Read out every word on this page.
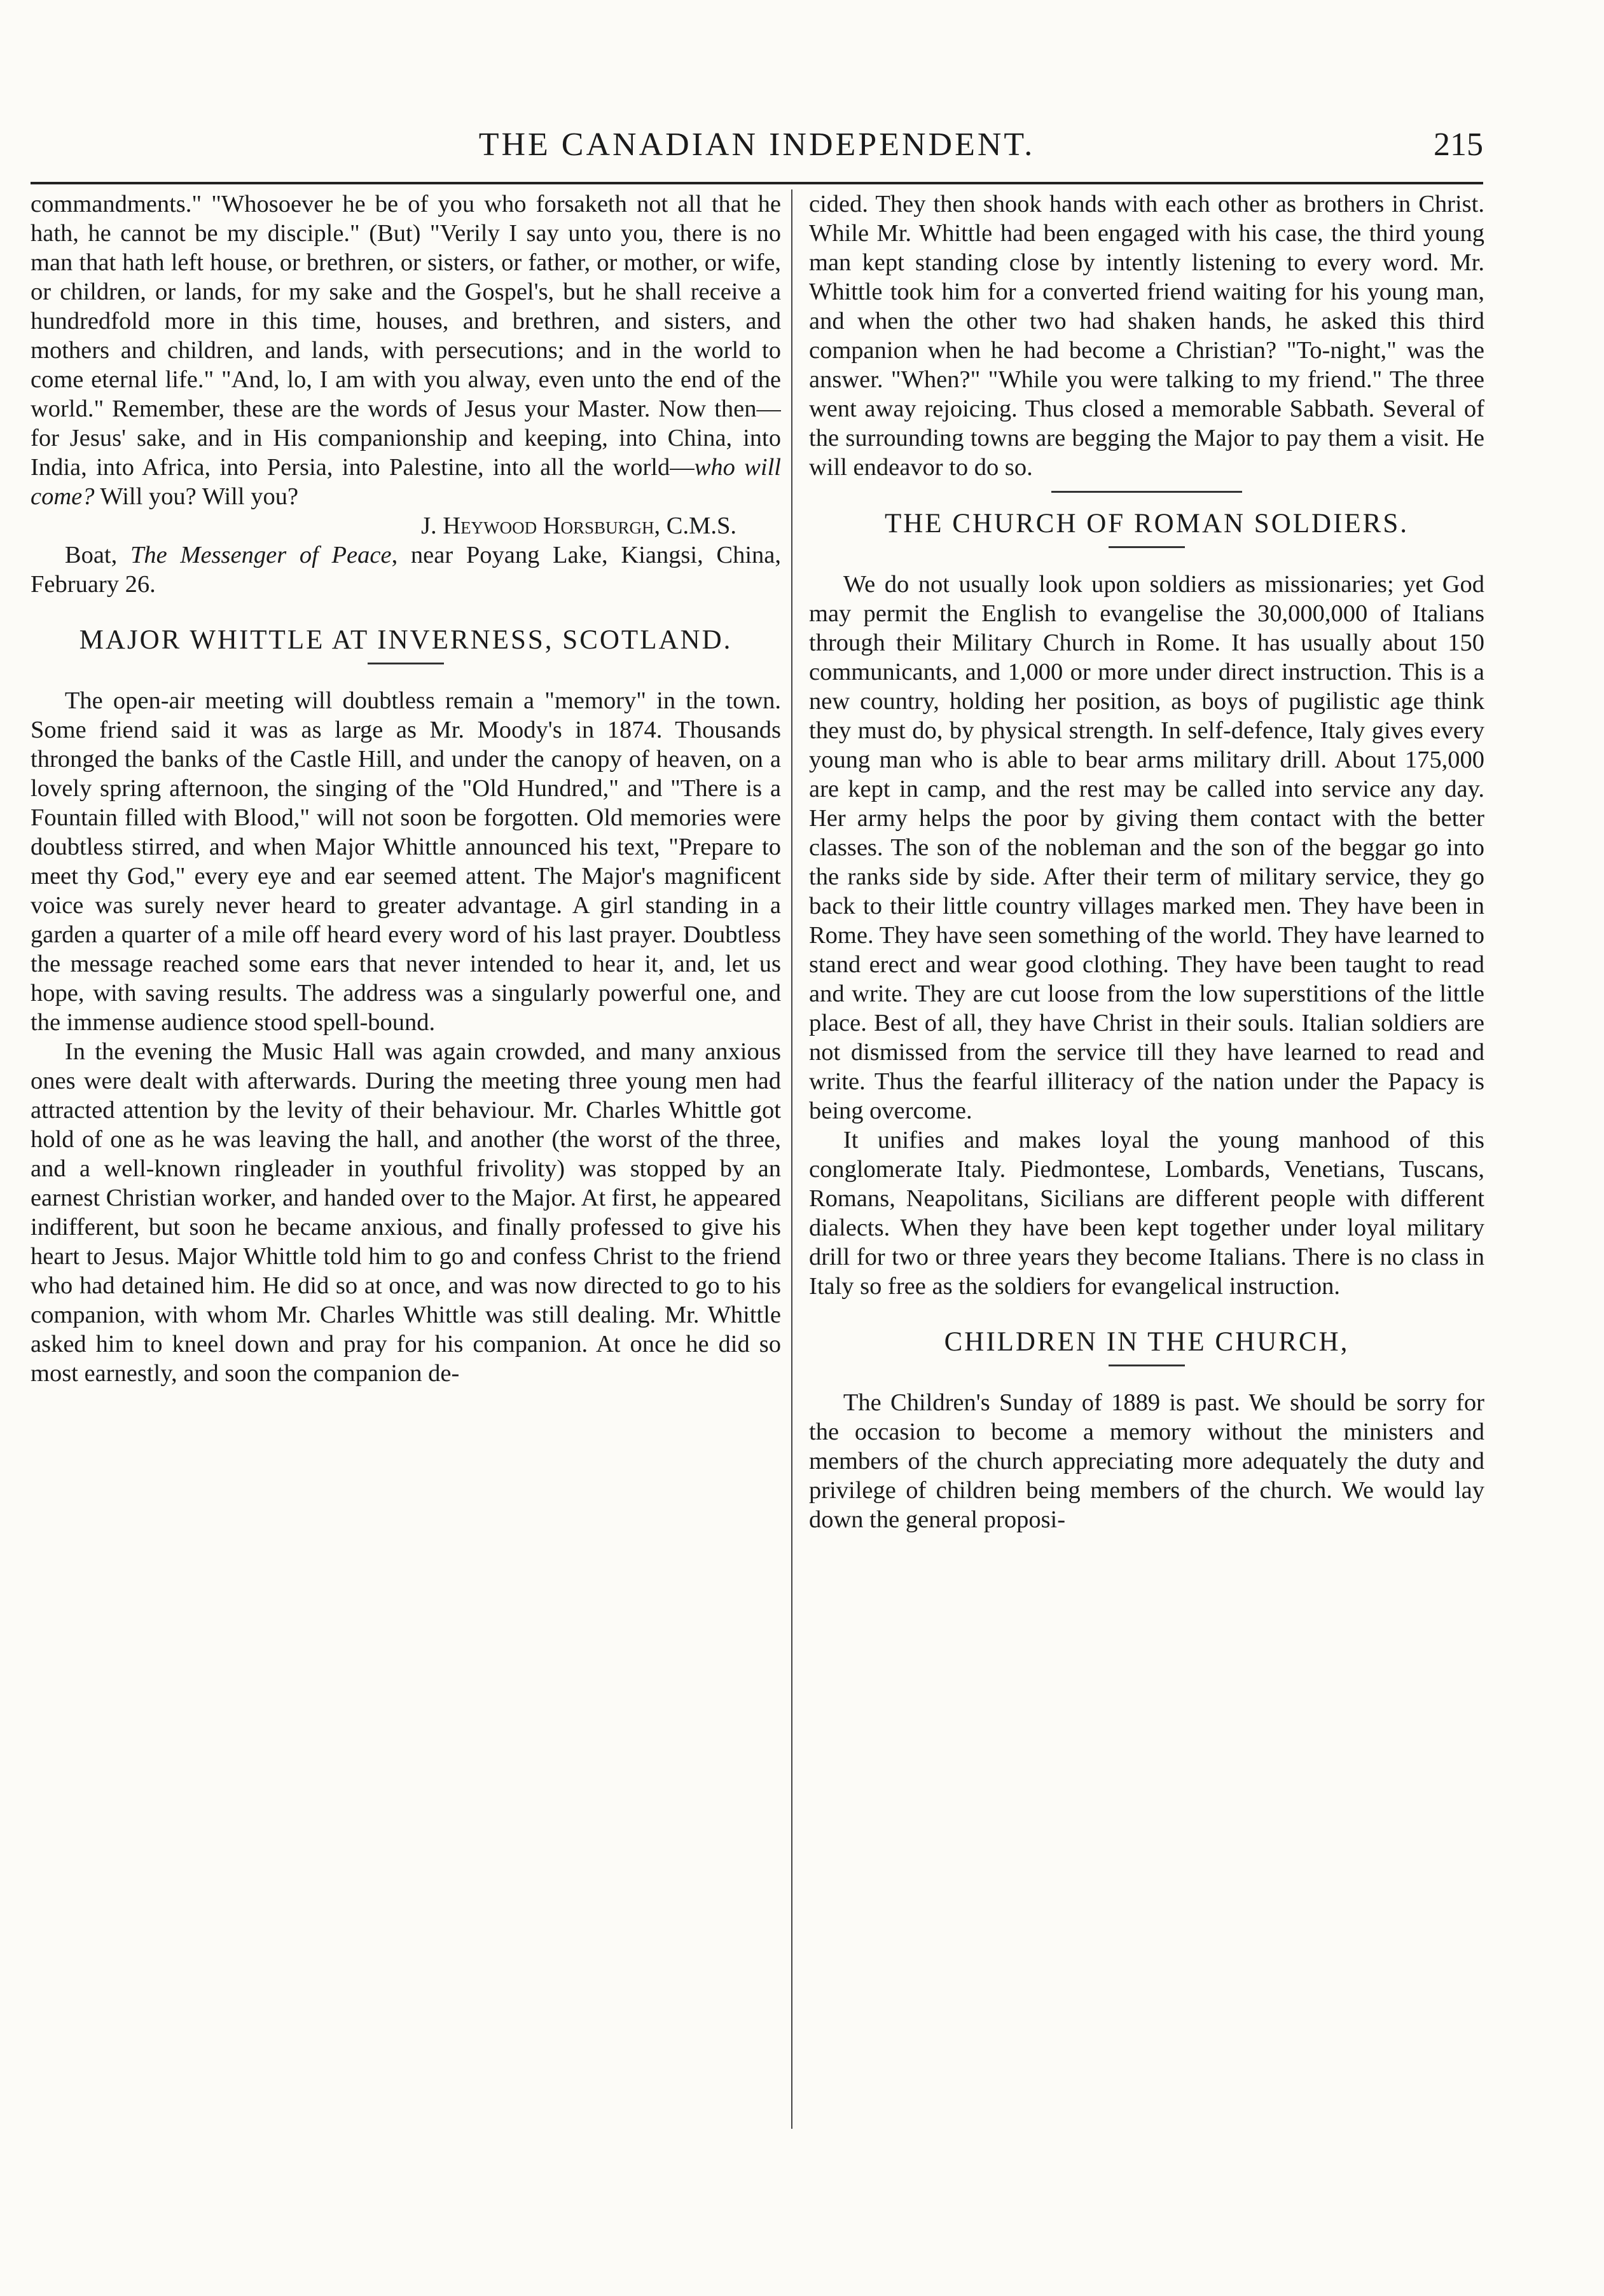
THE CANADIAN INDEPENDENT.	215

commandments." "Whosoever he be of you who forsaketh not all that he hath, he cannot be my disciple." (But) "Verily I say unto you, there is no man that hath left house, or brethren, or sisters, or father, or mother, or wife, or children, or lands, for my sake and the Gospel's, but he shall receive a hundredfold more in this time, houses, and brethren, and sisters, and mothers and children, and lands, with persecutions; and in the world to come eternal life." "And, lo, I am with you alway, even unto the end of the world." Remember, these are the words of Jesus your Master. Now then—for Jesus' sake, and in His companionship and keeping, into China, into India, into Africa, into Persia, into Palestine, into all the world—who will come? Will you? Will you?

J. Heywood Horsburgh, C.M.S.

Boat, The Messenger of Peace, near Poyang Lake, Kiangsi, China, February 26.

MAJOR WHITTLE AT INVERNESS, SCOTLAND.

The open-air meeting will doubtless remain a "memory" in the town. Some friend said it was as large as Mr. Moody's in 1874. Thousands thronged the banks of the Castle Hill, and under the canopy of heaven, on a lovely spring afternoon, the singing of the "Old Hundred," and "There is a Fountain filled with Blood," will not soon be forgotten. Old memories were doubtless stirred, and when Major Whittle announced his text, "Prepare to meet thy God," every eye and ear seemed attent. The Major's magnificent voice was surely never heard to greater advantage. A girl standing in a garden a quarter of a mile off heard every word of his last prayer. Doubtless the message reached some ears that never intended to hear it, and, let us hope, with saving results. The address was a singularly powerful one, and the immense audience stood spell-bound.

In the evening the Music Hall was again crowded, and many anxious ones were dealt with afterwards. During the meeting three young men had attracted attention by the levity of their behaviour. Mr. Charles Whittle got hold of one as he was leaving the hall, and another (the worst of the three, and a well-known ringleader in youthful frivolity) was stopped by an earnest Christian worker, and handed over to the Major. At first, he appeared indifferent, but soon he became anxious, and finally professed to give his heart to Jesus. Major Whittle told him to go and confess Christ to the friend who had detained him. He did so at once, and was now directed to go to his companion, with whom Mr. Charles Whittle was still dealing. Mr. Whittle asked him to kneel down and pray for his companion. At once he did so most earnestly, and soon the companion de-

cided. They then shook hands with each other as brothers in Christ. While Mr. Whittle had been engaged with his case, the third young man kept standing close by intently listening to every word. Mr. Whittle took him for a converted friend waiting for his young man, and when the other two had shaken hands, he asked this third companion when he had become a Christian? "To-night," was the answer. "When?" "While you were talking to my friend." The three went away rejoicing. Thus closed a memorable Sabbath. Several of the surrounding towns are begging the Major to pay them a visit. He will endeavor to do so.

THE CHURCH OF ROMAN SOLDIERS.

We do not usually look upon soldiers as missionaries; yet God may permit the English to evangelise the 30,000,000 of Italians through their Military Church in Rome. It has usually about 150 communicants, and 1,000 or more under direct instruction. This is a new country, holding her position, as boys of pugilistic age think they must do, by physical strength. In self-defence, Italy gives every young man who is able to bear arms military drill. About 175,000 are kept in camp, and the rest may be called into service any day. Her army helps the poor by giving them contact with the better classes. The son of the nobleman and the son of the beggar go into the ranks side by side. After their term of military service, they go back to their little country villages marked men. They have been in Rome. They have seen something of the world. They have learned to stand erect and wear good clothing. They have been taught to read and write. They are cut loose from the low superstitions of the little place. Best of all, they have Christ in their souls. Italian soldiers are not dismissed from the service till they have learned to read and write. Thus the fearful illiteracy of the nation under the Papacy is being overcome.

It unifies and makes loyal the young manhood of this conglomerate Italy. Piedmontese, Lombards, Venetians, Tuscans, Romans, Neapolitans, Sicilians are different people with different dialects. When they have been kept together under loyal military drill for two or three years they become Italians. There is no class in Italy so free as the soldiers for evangelical instruction.

CHILDREN IN THE CHURCH,

The Children's Sunday of 1889 is past. We should be sorry for the occasion to become a memory without the ministers and members of the church appreciating more adequately the duty and privilege of children being members of the church. We would lay down the general proposi-
